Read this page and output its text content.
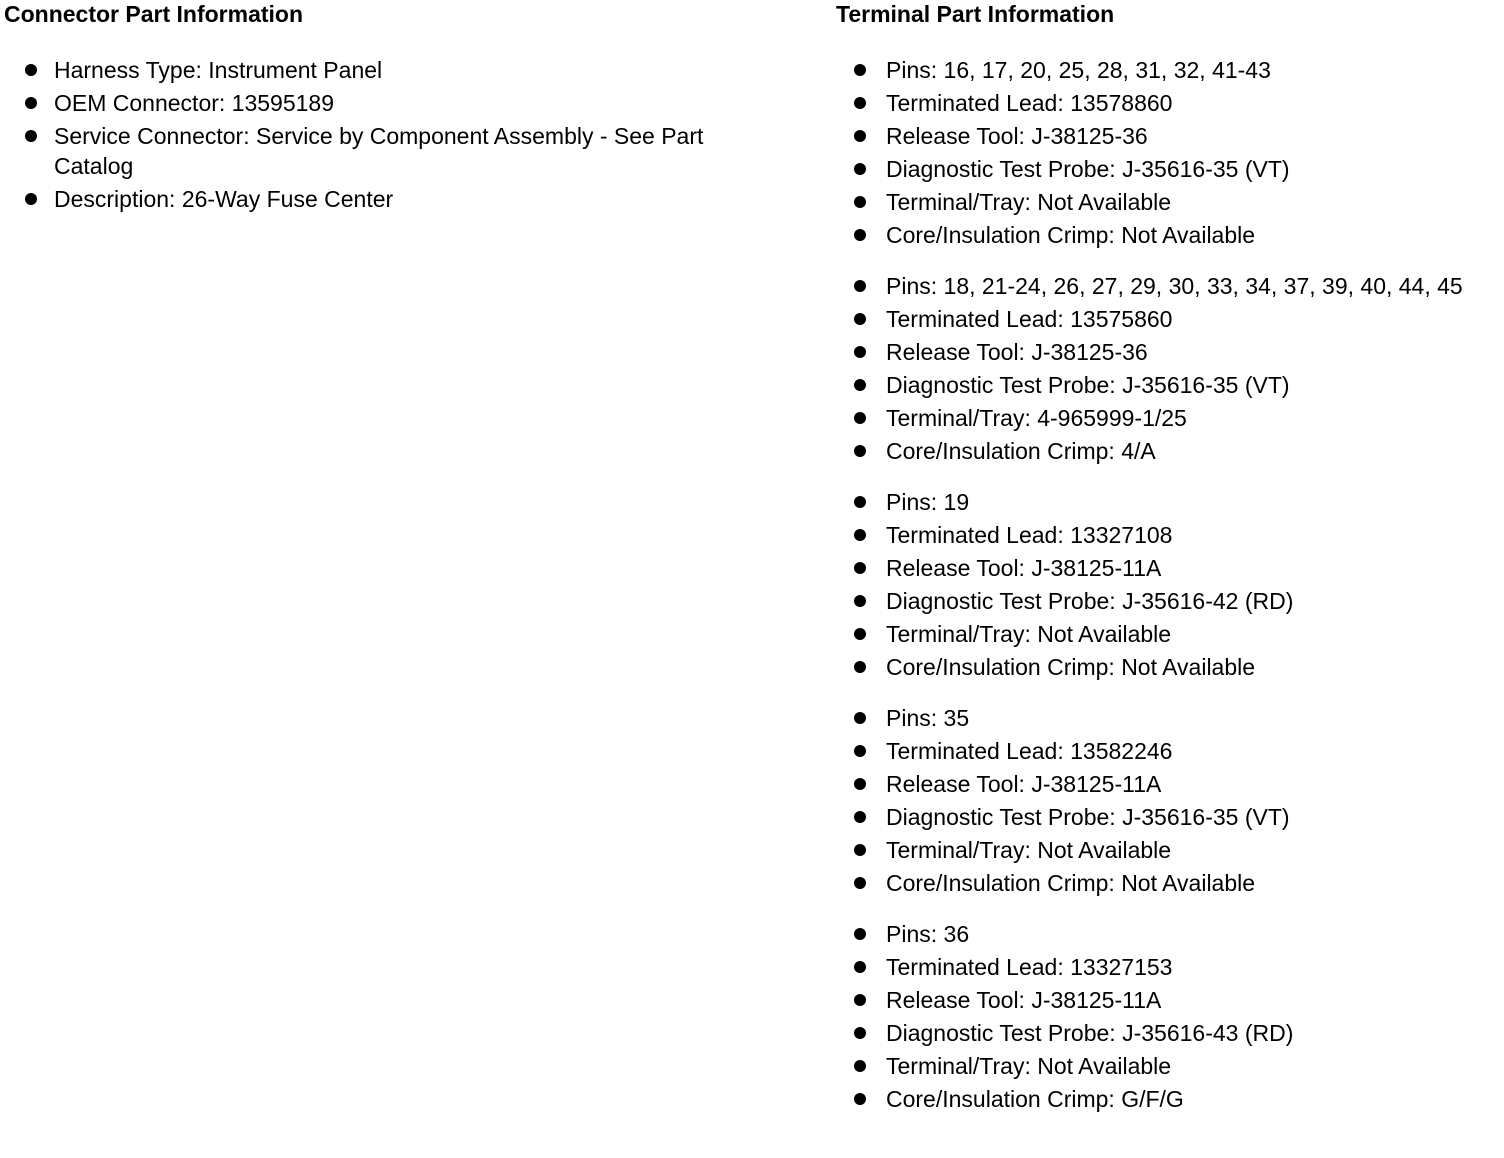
Connector Part Information
Harness Type: Instrument Panel
OEM Connector: 13595189
Service Connector: Service by Component Assembly - See Part Catalog
Description: 26-Way Fuse Center
Terminal Part Information
Pins: 16, 17, 20, 25, 28, 31, 32, 41-43
Terminated Lead: 13578860
Release Tool: J-38125-36
Diagnostic Test Probe: J-35616-35 (VT)
Terminal/Tray: Not Available
Core/Insulation Crimp: Not Available
Pins: 18, 21-24, 26, 27, 29, 30, 33, 34, 37, 39, 40, 44, 45
Terminated Lead: 13575860
Release Tool: J-38125-36
Diagnostic Test Probe: J-35616-35 (VT)
Terminal/Tray: 4-965999-1/25
Core/Insulation Crimp: 4/A
Pins: 19
Terminated Lead: 13327108
Release Tool: J-38125-11A
Diagnostic Test Probe: J-35616-42 (RD)
Terminal/Tray: Not Available
Core/Insulation Crimp: Not Available
Pins: 35
Terminated Lead: 13582246
Release Tool: J-38125-11A
Diagnostic Test Probe: J-35616-35 (VT)
Terminal/Tray: Not Available
Core/Insulation Crimp: Not Available
Pins: 36
Terminated Lead: 13327153
Release Tool: J-38125-11A
Diagnostic Test Probe: J-35616-43 (RD)
Terminal/Tray: Not Available
Core/Insulation Crimp: G/F/G
